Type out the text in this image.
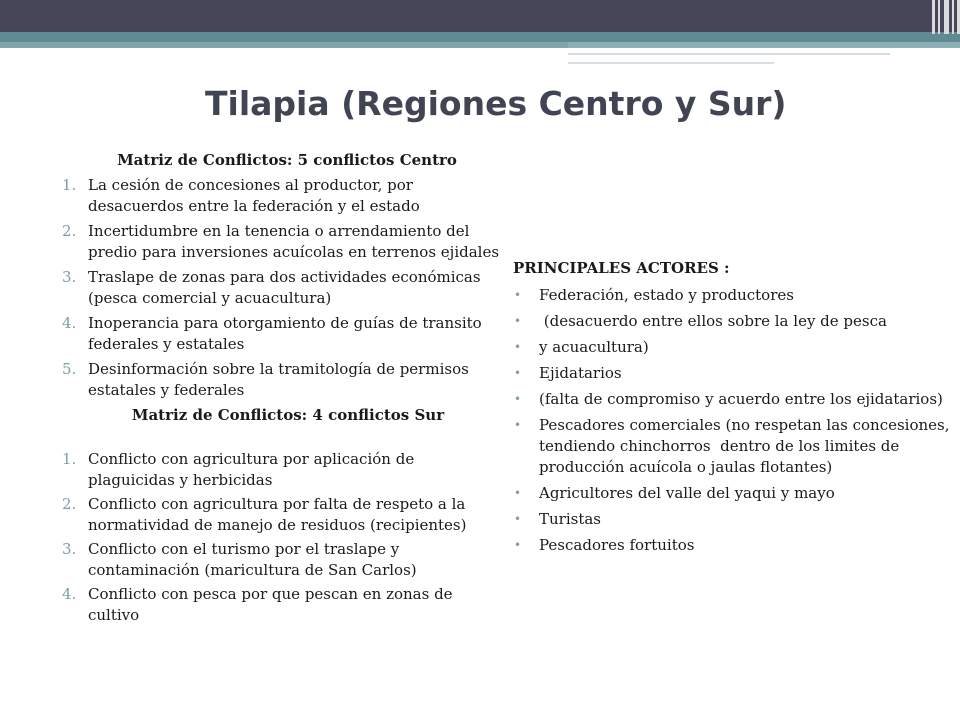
Tilapia (Regiones Centro y Sur)

Matriz de Conflictos: 5 conflictos Centro

1. La cesión de concesiones al productor, por desacuerdos entre la federación y el estado
2. Incertidumbre en la tenencia o arrendamiento del predio para inversiones acuícolas en terrenos ejidales
3. Traslape de zonas para dos actividades económicas (pesca comercial y acuacultura)
4. Inoperancia para otorgamiento de guías de transito federales y estatales
5. Desinformación sobre la tramitología de permisos estatales y federales

Matriz de Conflictos: 4 conflictos Sur

1. Conflicto con agricultura por aplicación de plaguicidas y herbicidas
2. Conflicto con agricultura por falta de respeto a la normatividad de manejo de residuos (recipientes)
3. Conflicto con el turismo por el traslape y contaminación (maricultura de San Carlos)
4. Conflicto con pesca por que pescan en zonas de cultivo

PRINCIPALES ACTORES :

• Federación, estado y productores
• (desacuerdo entre ellos sobre la ley de pesca
• y acuacultura)
• Ejidatarios
• (falta de compromiso y acuerdo entre los ejidatarios)
• Pescadores comerciales (no respetan las concesiones, tendiendo chinchorros  dentro de los limites de producción acuícola o jaulas flotantes)
• Agricultores del valle del yaqui y mayo
• Turistas
• Pescadores fortuitos
